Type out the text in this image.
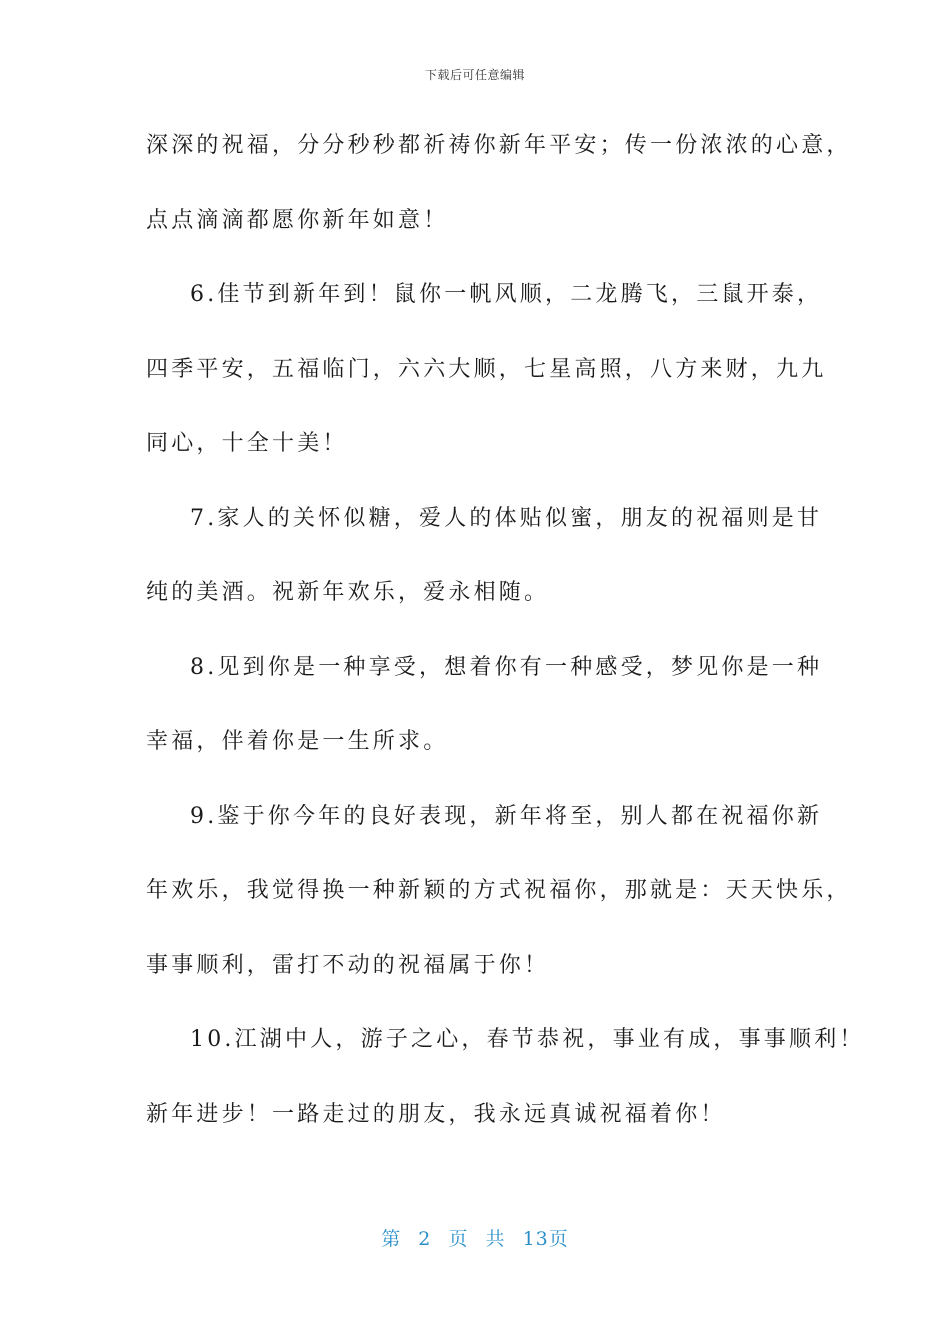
下载后可任意编辑
深深的祝福，分分秒秒都祈祷你新年平安；传一份浓浓的心意，
点点滴滴都愿你新年如意！
6.佳节到新年到！鼠你一帆风顺，二龙腾飞，三鼠开泰，
四季平安，五福临门，六六大顺，七星高照，八方来财，九九
同心，十全十美！
7.家人的关怀似糖，爱人的体贴似蜜，朋友的祝福则是甘
纯的美酒。祝新年欢乐，爱永相随。
8.见到你是一种享受，想着你有一种感受，梦见你是一种
幸福，伴着你是一生所求。
9.鉴于你今年的良好表现，新年将至，别人都在祝福你新
年欢乐，我觉得换一种新颖的方式祝福你，那就是：天天快乐，
事事顺利，雷打不动的祝福属于你！
10.江湖中人，游子之心，春节恭祝，事业有成，事事顺利！
新年进步！一路走过的朋友，我永远真诚祝福着你！
第 2 页 共 13页
